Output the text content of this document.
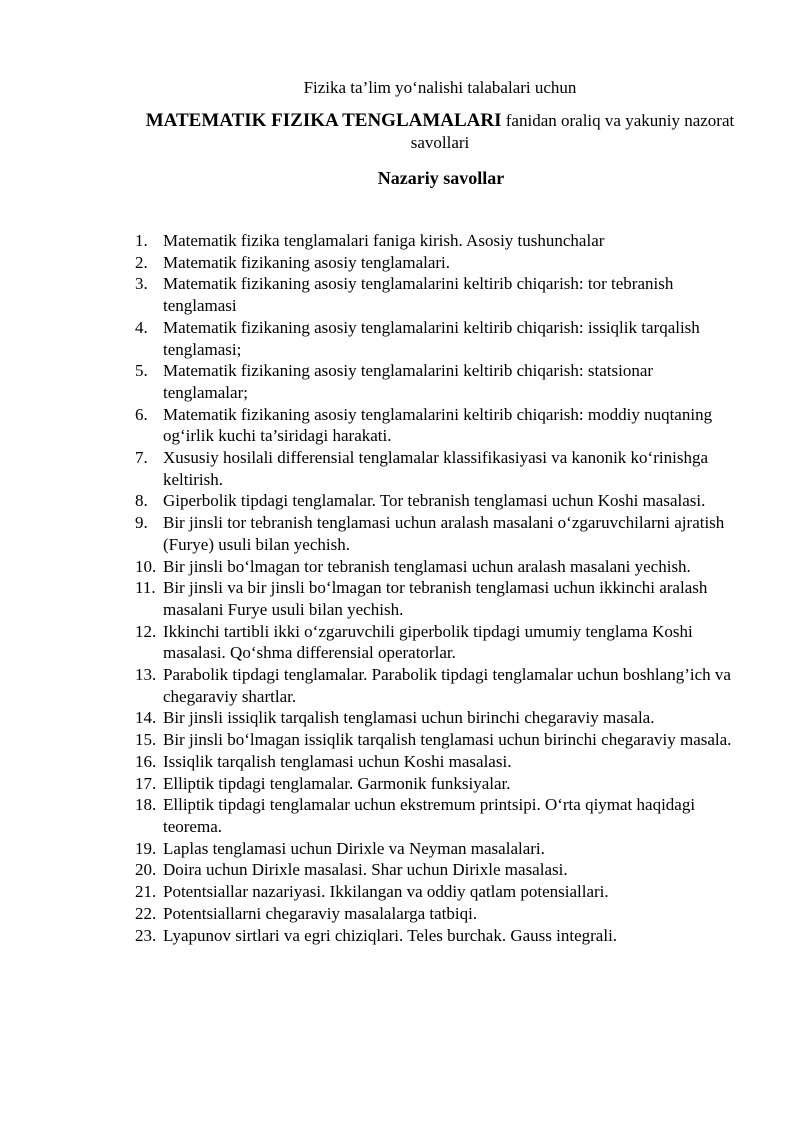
Fizika ta’lim yo‘nalishi talabalari uchun
MATEMATIK FIZIKA TENGLAMALARI fanidan oraliq va yakuniy nazorat savollari
Nazariy savollar
1. Matematik fizika tenglamalari faniga kirish. Asosiy tushunchalar
2. Matematik fizikaning asosiy tenglamalari.
3. Matematik fizikaning asosiy tenglamalarini keltirib chiqarish: tor tebranish tenglamasi
4. Matematik fizikaning asosiy tenglamalarini keltirib chiqarish: issiqlik tarqalish tenglamasi;
5. Matematik fizikaning asosiy tenglamalarini keltirib chiqarish: statsionar tenglamalar;
6. Matematik fizikaning asosiy tenglamalarini keltirib chiqarish: moddiy nuqtaning og‘irlik kuchi ta’siridagi harakati.
7. Xususiy hosilali differensial tenglamalar klassifikasiyasi va kanonik ko‘rinishga keltirish.
8. Giperbolik tipdagi tenglamalar. Tor tebranish tenglamasi uchun Koshi masalasi.
9. Bir jinsli tor tebranish tenglamasi uchun aralash masalani o‘zgaruvchilarni ajratish (Furye) usuli bilan yechish.
10. Bir jinsli bo‘lmagan tor tebranish tenglamasi uchun aralash masalani yechish.
11. Bir jinsli va bir jinsli bo‘lmagan tor tebranish tenglamasi uchun ikkinchi aralash masalani Furye usuli bilan yechish.
12. Ikkinchi tartibli ikki o‘zgaruvchili giperbolik tipdagi umumiy tenglama Koshi masalasi. Qo‘shma differensial operatorlar.
13. Parabolik tipdagi tenglamalar. Parabolik tipdagi tenglamalar uchun boshlang’ich va chegaraviy shartlar.
14. Bir jinsli issiqlik tarqalish tenglamasi uchun birinchi chegaraviy masala.
15. Bir jinsli bo‘lmagan issiqlik tarqalish tenglamasi uchun birinchi chegaraviy masala.
16. Issiqlik tarqalish tenglamasi uchun Koshi masalasi.
17. Elliptik tipdagi tenglamalar. Garmonik funksiyalar.
18. Elliptik tipdagi tenglamalar uchun ekstremum printsipi. O‘rta qiymat haqidagi teorema.
19. Laplas tenglamasi uchun Dirixle va Neyman masalalari.
20. Doira uchun Dirixle masalasi. Shar uchun Dirixle masalasi.
21. Potentsiallar nazariyasi. Ikkilangan va oddiy qatlam potensiallari.
22. Potentsiallarni chegaraviy masalalarga tatbiqi.
23. Lyapunov sirtlari va egri chiziqlari. Teles burchak. Gauss integrali.
